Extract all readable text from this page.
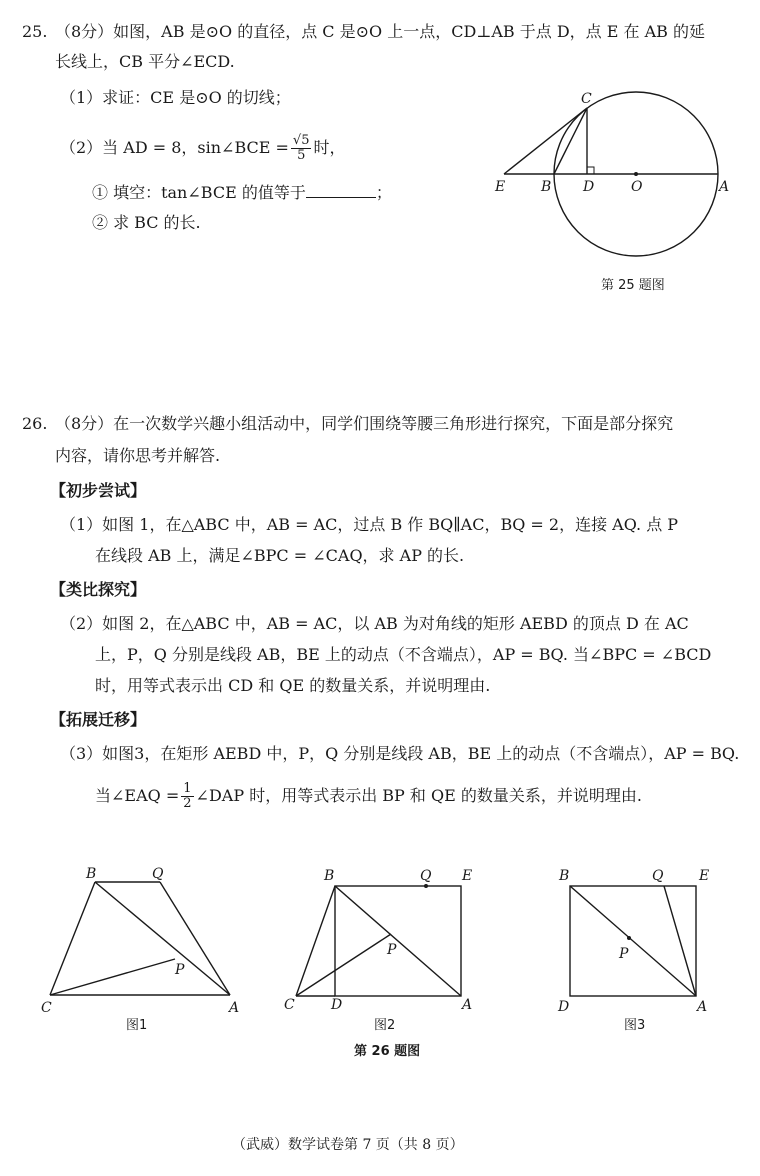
25. （8分）如图，AB 是⊙O 的直径，点 C 是⊙O 上一点，CD⊥AB 于点 D，点 E 在 AB 的延
长线上，CB 平分∠ECD.
（1）求证：CE 是⊙O 的切线；
（2）当 AD = 8，sin∠BCE = $\frac{√5}{5}$ 时，
① 填空：tan∠BCE 的值等于	；
② 求 BC 的长.
C
E	B D	O	A
第 25 题图
26. （8分）在一次数学兴趣小组活动中，同学们围绕等腰三角形进行探究，下面是部分探究
内容，请你思考并解答.
【初步尝试】
（1）如图 1，在△ABC 中，AB = AC，过点 B 作 BQ∥AC，BQ = 2，连接 AQ. 点 P
在线段 AB 上，满足∠BPC = ∠CAQ，求 AP 的长.
【类比探究】
（2）如图 2，在△ABC 中，AB = AC，以 AB 为对角线的矩形 AEBD 的顶点 D 在 AC
上，P，Q 分别是线段 AB，BE 上的动点（不含端点），AP = BQ. 当∠BPC = ∠BCD
时，用等式表示出 CD 和 QE 的数量关系，并说明理由.
【拓展迁移】
（3）如图3，在矩形 AEBD 中，P，Q 分别是线段 AB，BE 上的动点（不含端点），AP = BQ.
当∠EAQ = $\frac{1}{2}$ ∠DAP 时，用等式表示出 BP 和 QE 的数量关系，并说明理由.
B	Q
P
C	A
图1
B	Q E
P
C	D	A
图2
B	Q	E
P
D	A
图3
第 26 题图
（武威）数学试卷第 7 页（共 8 页）
